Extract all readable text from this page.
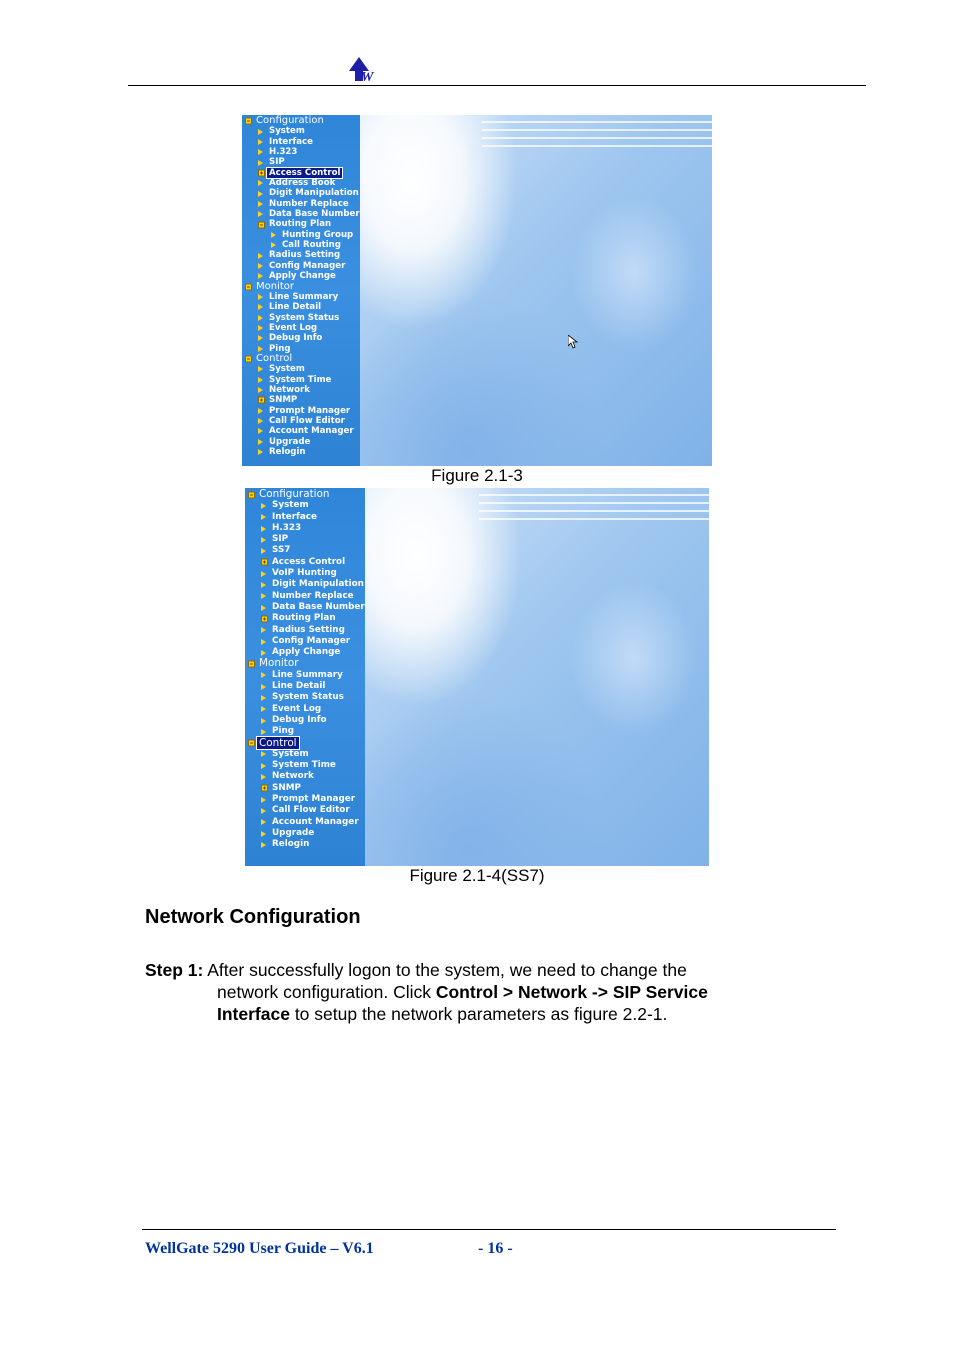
W
Configuration
System
Interface
H.323
SIP
Access Control
Address Book
Digit Manipulation
Number Replace
Data Base Number
Routing Plan
Hunting Group
Call Routing
Radius Setting
Config Manager
Apply Change
Monitor
Line Summary
Line Detail
System Status
Event Log
Debug Info
Ping
Control
System
System Time
Network
SNMP
Prompt Manager
Call Flow Editor
Account Manager
Upgrade
Relogin
Figure 2.1-3
Configuration
System
Interface
H.323
SIP
SS7
Access Control
VoIP Hunting
Digit Manipulation
Number Replace
Data Base Number
Routing Plan
Radius Setting
Config Manager
Apply Change
Monitor
Line Summary
Line Detail
System Status
Event Log
Debug Info
Ping
Control
System
System Time
Network
SNMP
Prompt Manager
Call Flow Editor
Account Manager
Upgrade
Relogin
Figure 2.1-4(SS7)
Network Configuration
Step 1: After successfully logon to the system, we need to change the
network configuration. Click Control > Network -> SIP Service
Interface to setup the network parameters as figure 2.2-1.
WellGate 5290 User Guide – V6.1	- 16 -
